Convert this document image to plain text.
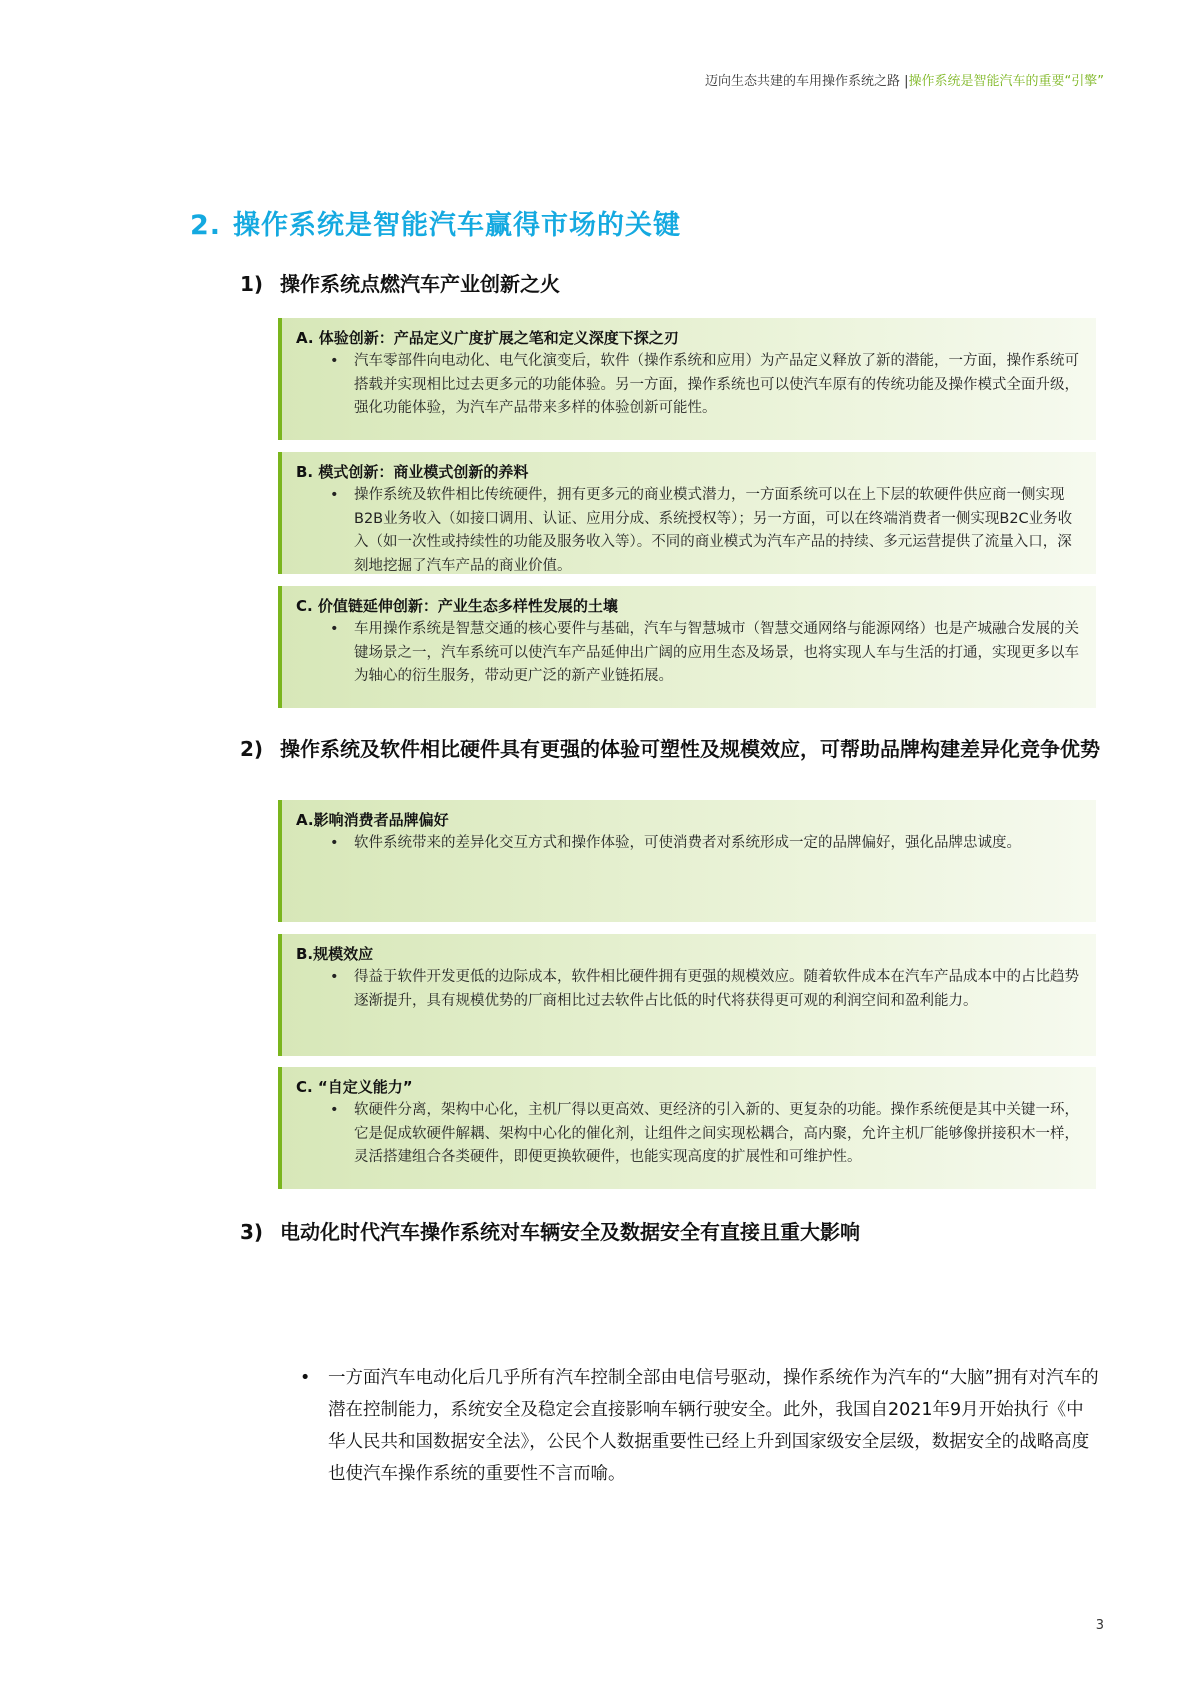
迈向生态共建的车用操作系统之路 |操作系统是智能汽车的重要“引擎”
2. 操作系统是智能汽车赢得市场的关键
1) 操作系统点燃汽车产业创新之火
A. 体验创新：产品定义广度扩展之笔和定义深度下探之刃
• 汽车零部件向电动化、电气化演变后，软件（操作系统和应用）为产品定义释放了新的潜能，一方面，操作系统可搭载并实现相比过去更多元的功能体验。另一方面，操作系统也可以使汽车原有的传统功能及操作模式全面升级，强化功能体验，为汽车产品带来多样的体验创新可能性。
B. 模式创新：商业模式创新的养料
• 操作系统及软件相比传统硬件，拥有更多元的商业模式潜力，一方面系统可以在上下层的软硬件供应商一侧实现B2B业务收入（如接口调用、认证、应用分成、系统授权等）；另一方面，可以在终端消费者一侧实现B2C业务收入（如一次性或持续性的功能及服务收入等）。不同的商业模式为汽车产品的持续、多元运营提供了流量入口，深刻地挖掘了汽车产品的商业价值。
C. 价值链延伸创新：产业生态多样性发展的土壤
• 车用操作系统是智慧交通的核心要件与基础，汽车与智慧城市（智慧交通网络与能源网络）也是产城融合发展的关键场景之一，汽车系统可以使汽车产品延伸出广阔的应用生态及场景，也将实现人车与生活的打通，实现更多以车为轴心的衍生服务，带动更广泛的新产业链拓展。
2) 操作系统及软件相比硬件具有更强的体验可塑性及规模效应，可帮助品牌构建差异化竞争优势
A.影响消费者品牌偏好
• 软件系统带来的差异化交互方式和操作体验，可使消费者对系统形成一定的品牌偏好，强化品牌忠诚度。
B.规模效应
• 得益于软件开发更低的边际成本，软件相比硬件拥有更强的规模效应。随着软件成本在汽车产品成本中的占比趋势逐渐提升，具有规模优势的厂商相比过去软件占比低的时代将获得更可观的利润空间和盈利能力。
C. “自定义能力”
• 软硬件分离，架构中心化，主机厂得以更高效、更经济的引入新的、更复杂的功能。操作系统便是其中关键一环，它是促成软硬件解耦、架构中心化的催化剂，让组件之间实现松耦合，高内聚，允许主机厂能够像拼接积木一样，灵活搭建组合各类硬件，即便更换软硬件，也能实现高度的扩展性和可维护性。
3) 电动化时代汽车操作系统对车辆安全及数据安全有直接且重大影响
• 一方面汽车电动化后几乎所有汽车控制全部由电信号驱动，操作系统作为汽车的“大脑”拥有对汽车的潜在控制能力，系统安全及稳定会直接影响车辆行驶安全。此外，我国自2021年9月开始执行《中华人民共和国数据安全法》，公民个人数据重要性已经上升到国家级安全层级，数据安全的战略高度也使汽车操作系统的重要性不言而喻。
3
